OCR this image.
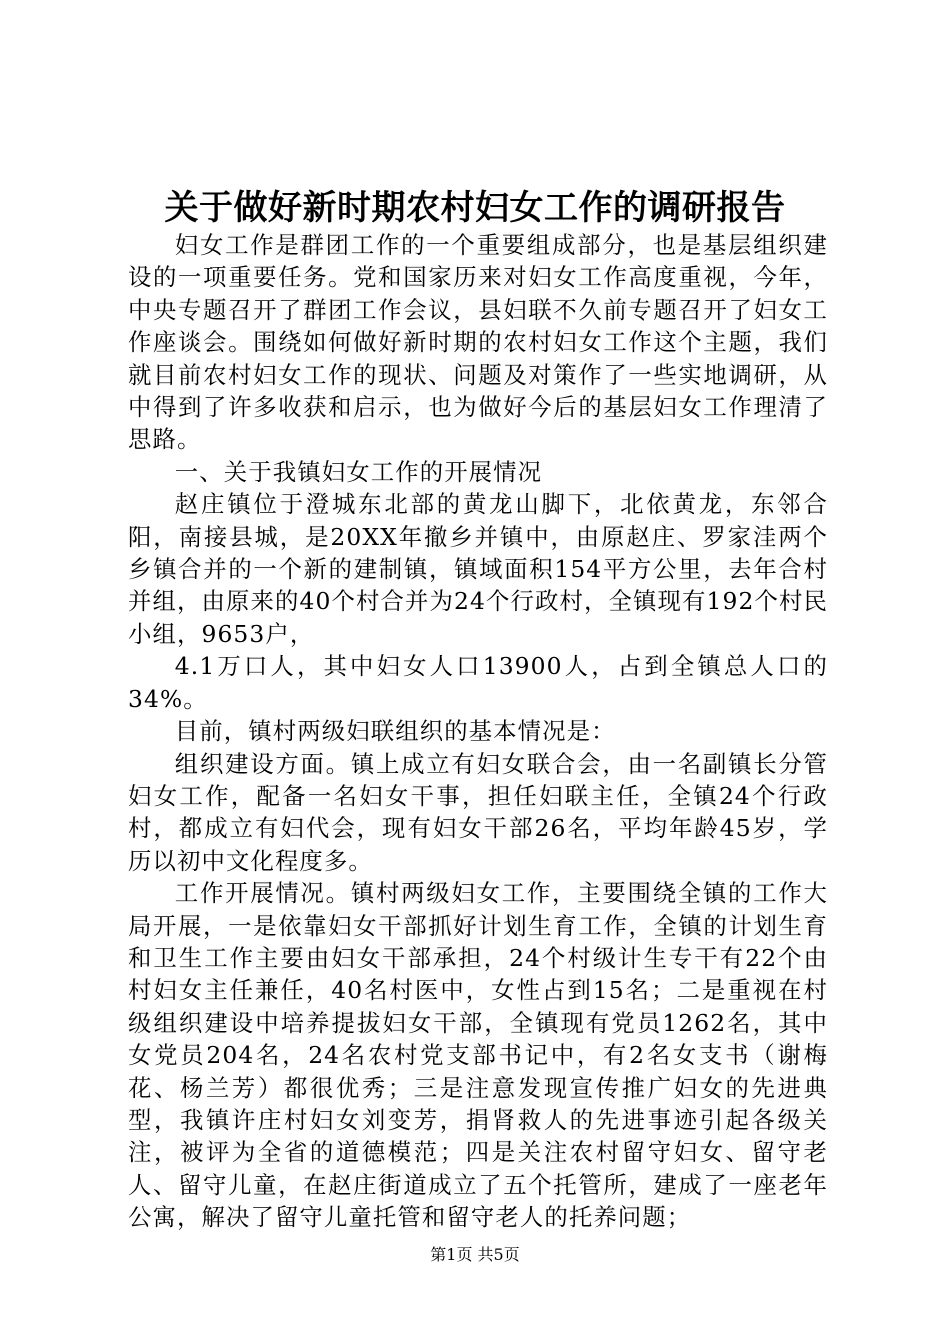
关于做好新时期农村妇女工作的调研报告

妇女工作是群团工作的一个重要组成部分，也是基层组织建设的一项重要任务。党和国家历来对妇女工作高度重视，今年，中央专题召开了群团工作会议，县妇联不久前专题召开了妇女工作座谈会。围绕如何做好新时期的农村妇女工作这个主题，我们就目前农村妇女工作的现状、问题及对策作了一些实地调研，从中得到了许多收获和启示，也为做好今后的基层妇女工作理清了思路。

一、关于我镇妇女工作的开展情况

赵庄镇位于澄城东北部的黄龙山脚下，北依黄龙，东邻合阳，南接县城，是20XX年撤乡并镇中，由原赵庄、罗家洼两个乡镇合并的一个新的建制镇，镇域面积154平方公里，去年合村并组，由原来的40个村合并为24个行政村，全镇现有192个村民小组，9653户，

4.1万口人，其中妇女人口13900人，占到全镇总人口的34%。

目前，镇村两级妇联组织的基本情况是：

组织建设方面。镇上成立有妇女联合会，由一名副镇长分管妇女工作，配备一名妇女干事，担任妇联主任，全镇24个行政村，都成立有妇代会，现有妇女干部26名，平均年龄45岁，学历以初中文化程度多。

工作开展情况。镇村两级妇女工作，主要围绕全镇的工作大局开展，一是依靠妇女干部抓好计划生育工作，全镇的计划生育和卫生工作主要由妇女干部承担，24个村级计生专干有22个由村妇女主任兼任，40名村医中，女性占到15名；二是重视在村级组织建设中培养提拔妇女干部，全镇现有党员1262名，其中女党员204名，24名农村党支部书记中，有2名女支书（谢梅花、杨兰芳）都很优秀；三是注意发现宣传推广妇女的先进典型，我镇许庄村妇女刘变芳，捐肾救人的先进事迹引起各级关注，被评为全省的道德模范；四是关注农村留守妇女、留守老人、留守儿童，在赵庄街道成立了五个托管所，建成了一座老年公寓，解决了留守儿童托管和留守老人的托养问题；

第1页 共5页
